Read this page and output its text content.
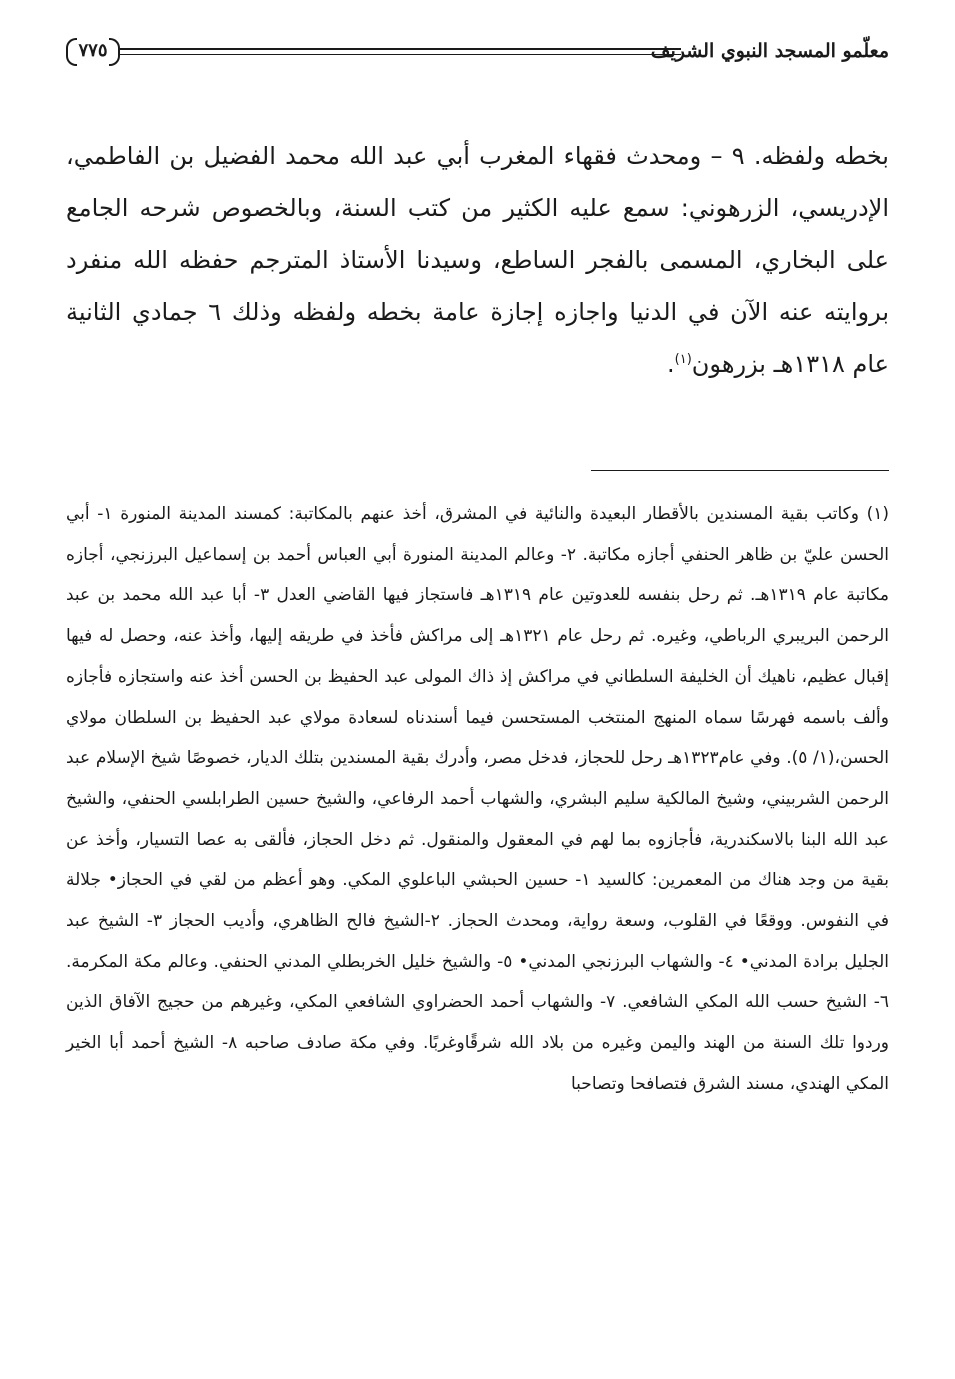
معلّمو المسجد النبوي الشريف
٧٧٥

بخطه ولفظه. ٩ – ومحدث فقهاء المغرب أبي عبد الله محمد الفضيل بن الفاطمي، الإدريسي، الزرهوني: سمع عليه الكثير من كتب السنة، وبالخصوص شرحه الجامع على البخاري، المسمى بالفجر الساطع، وسيدنا الأستاذ المترجم حفظه الله منفرد بروايته عنه الآن في الدنيا واجازه إجازة عامة بخطه ولفظه وذلك ٦ جمادي الثانية عام ١٣١٨هـ بزرهون$^{(١)}$.

(١) وكاتب بقية المسندين بالأقطار البعيدة والنائية في المشرق، أخذ عنهم بالمكاتبة: كمسند المدينة المنورة ١- أبي الحسن عليّ بن ظاهر الحنفي أجازه مكاتبة. ٢- وعالم المدينة المنورة أبي العباس أحمد بن إسماعيل البرزنجي، أجازه مكاتبة عام ١٣١٩هـ. ثم رحل بنفسه للعدوتين عام ١٣١٩هـ فاستجاز فيها القاضي العدل ٣- أبا عبد الله محمد بن عبد الرحمن البريبري الرباطي، وغيره. ثم رحل عام ١٣٢١هـ إلى مراكش فأخذ في طريقه إليها، وأخذ عنه، وحصل له فيها إقبال عظيم، ناهيك أن الخليفة السلطاني في مراكش إذ ذاك المولى عبد الحفيظ بن الحسن أخذ عنه واستجازه فأجازه وألف باسمه فهرسًا سماه المنهج المنتخب المستحسن فيما أسندناه لسعادة مولاي عبد الحفيظ بن السلطان مولاي الحسن،(١/ ٥). وفي عام١٣٢٣هـ رحل للحجاز، فدخل مصر، وأدرك بقية المسندين بتلك الديار، خصوصًا شيخ الإسلام عبد الرحمن الشربيني، وشيخ المالكية سليم البشري، والشهاب أحمد الرفاعي، والشيخ حسين الطرابلسي الحنفي، والشيخ عبد الله البنا بالاسكندرية، فأجازوه بما لهم في المعقول والمنقول. ثم دخل الحجاز، فألقى به عصا التسيار، وأخذ عن بقية من وجد هناك من المعمرين: كالسيد ١- حسين الحبشي الباعلوي المكي. وهو أعظم من لقي في الحجاز• جلالة في النفوس. ووقعًا في القلوب، وسعة رواية، ومحدث الحجاز. ٢-الشيخ فالح الظاهري، وأديب الحجاز ٣- الشيخ عبد الجليل برادة المدني• ٤- والشهاب البرزنجي المدني• ٥- والشيخ خليل الخربطلي المدني الحنفي. وعالم مكة المكرمة. ٦- الشيخ حسب الله المكي الشافعي. ٧- والشهاب أحمد الحضراوي الشافعي المكي، وغيرهم من حجيج الآفاق الذين وردوا تلك السنة من الهند واليمن وغيره من بلاد الله شرقًاوغربًا. وفي مكة صادف صاحبه ٨- الشيخ أحمد أبا الخير المكي الهندي، مسند الشرق فتصافحا وتصاحبا
